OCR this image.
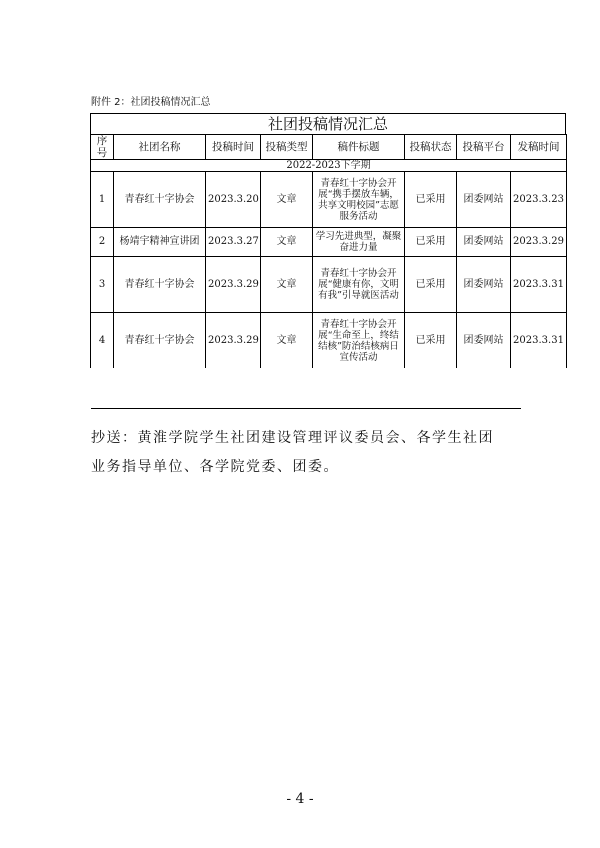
附件 2：社团投稿情况汇总
社团投稿情况汇总
序号	社团名称	投稿时间	投稿类型	稿件标题	投稿状态	投稿平台	发稿时间
2022-2023下学期							
1	青春红十字协会	2023.3.20	文章	青春红十字协会开展“携手摆放车辆，共享文明校园”志愿服务活动	已采用	团委网站	2023.3.23
2	杨靖宇精神宣讲团	2023.3.27	文章	学习先进典型，凝聚奋进力量	已采用	团委网站	2023.3.29
3	青春红十字协会	2023.3.29	文章	青春红十字协会开展“健康有你，文明有我”引导就医活动	已采用	团委网站	2023.3.31
4	青春红十字协会	2023.3.29	文章	青春红十字协会开展“生命至上，终结结核”防治结核病日宣传活动	已采用	团委网站	2023.3.31

抄送：黄淮学院学生社团建设管理评议委员会、各学生社团

业务指导单位、各学院党委、团委。

- 4 -
